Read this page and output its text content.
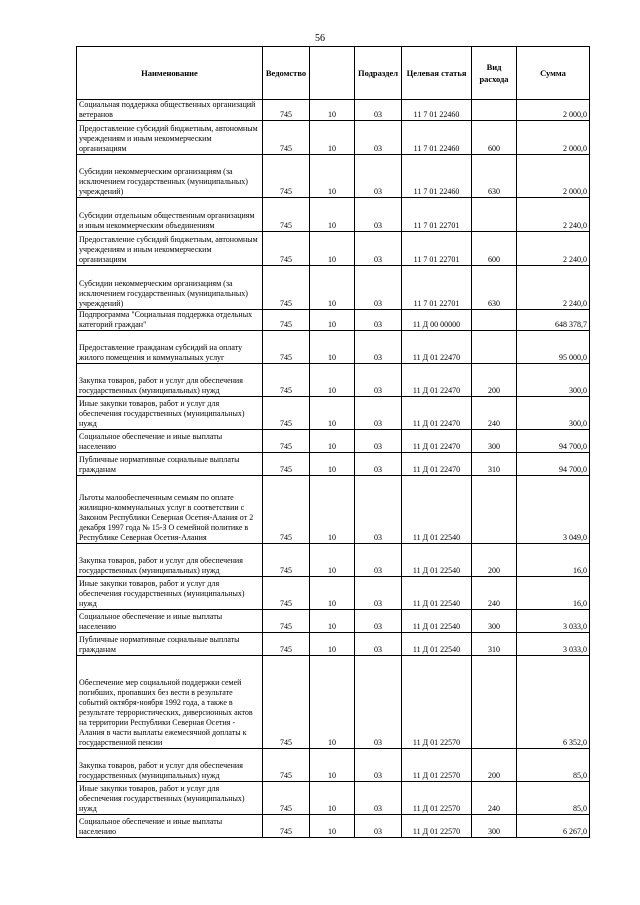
56
Наименование	Ведомство		Подраздел	Целевая статья	Вид расхода	Сумма
Социальная поддержка общественных организаций ветеранов	745	10	03	11 7 01 22460		2 000,0
Предоставление субсидий бюджетным, автономным учреждениям и иным некоммерческим организациям	745	10	03	11 7 01 22460	600	2 000,0
Субсидии некоммерческим организациям (за исключением государственных (муниципальных) учреждений)	745	10	03	11 7 01 22460	630	2 000,0
Субсидии отдельным общественным организациям и иным некоммерческим объединениям	745	10	03	11 7 01 22701		2 240,0
Предоставление субсидий бюджетным, автономным учреждениям и иным некоммерческим организациям	745	10	03	11 7 01 22701	600	2 240,0
Субсидии некоммерческим организациям (за исключением государственных (муниципальных) учреждений)	745	10	03	11 7 01 22701	630	2 240,0
Подпрограмма "Социальная поддержка отдельных категорий граждан"	745	10	03	11 Д 00 00000		648 378,7
Предоставление гражданам субсидий на оплату жилого помещения и коммунальных услуг	745	10	03	11 Д 01 22470		95 000,0
Закупка товаров, работ и услуг для обеспечения государственных (муниципальных) нужд	745	10	03	11 Д 01 22470	200	300,0
Иные закупки товаров, работ и услуг для обеспечения государственных (муниципальных) нужд	745	10	03	11 Д 01 22470	240	300,0
Социальное обеспечение и иные выплаты населению	745	10	03	11 Д 01 22470	300	94 700,0
Публичные нормативные социальные выплаты гражданам	745	10	03	11 Д 01 22470	310	94 700,0
Льготы малообеспеченным семьям по оплате жилищно-коммунальных услуг в соответствии с Законом Республики Северная Осетия-Алания от 2 декабря 1997 года № 15-З О семейной политике в Республике Северная Осетия-Алания	745	10	03	11 Д 01 22540		3 049,0
Закупка товаров, работ и услуг для обеспечения государственных (муниципальных) нужд	745	10	03	11 Д 01 22540	200	16,0
Иные закупки товаров, работ и услуг для обеспечения государственных (муниципальных) нужд	745	10	03	11 Д 01 22540	240	16,0
Социальное обеспечение и иные выплаты населению	745	10	03	11 Д 01 22540	300	3 033,0
Публичные нормативные социальные выплаты гражданам	745	10	03	11 Д 01 22540	310	3 033,0
Обеспечение мер социальной поддержки семей погибших, пропавших без вести в результате событий октября-ноября 1992 года, а также в результате террористических, диверсионных актов на территории Республики Северная Осетия - Алания в части выплаты ежемесячной доплаты к государственной пенсии	745	10	03	11 Д 01 22570		6 352,0
Закупка товаров, работ и услуг для обеспечения государственных (муниципальных) нужд	745	10	03	11 Д 01 22570	200	85,0
Иные закупки товаров, работ и услуг для обеспечения государственных (муниципальных) нужд	745	10	03	11 Д 01 22570	240	85,0
Социальное обеспечение и иные выплаты населению	745	10	03	11 Д 01 22570	300	6 267,0
